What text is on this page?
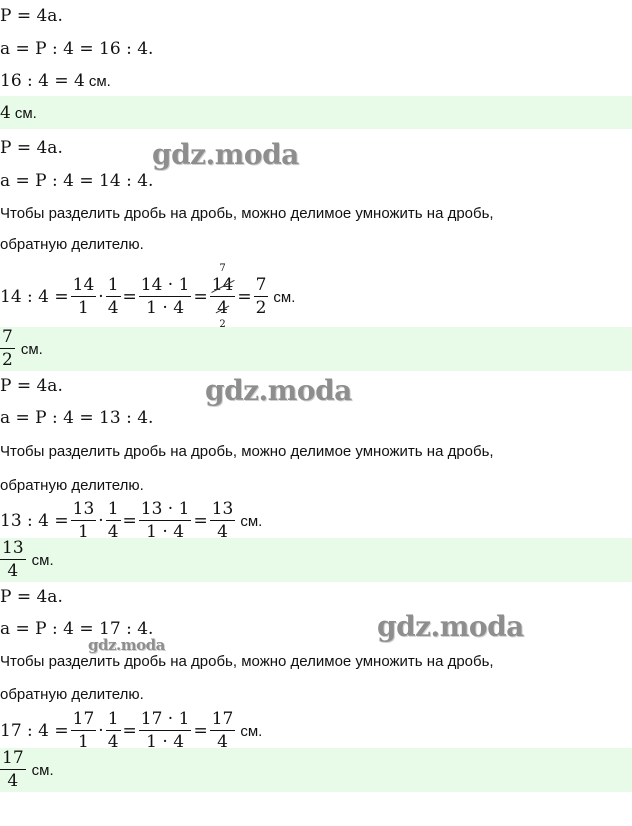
P = 4a.
a = P : 4 = 16 : 4.
16 : 4 = 4 см.
4 см.
P = 4a.
a = P : 4 = 14 : 4.
Чтобы разделить дробь на дробь, можно делимое умножить на дробь,
обратную делителю.
14 : $4 = \frac{14}{1} \cdot \frac{1}{4} = \frac{14 \cdot 1}{1 \cdot 4} = 7$
14
4
$2 = \frac{7}{2}$ см.
$\frac{7}{2}$ см.
P = 4a.
a = P : 4 = 13 : 4.
Чтобы разделить дробь на дробь, можно делимое умножить на дробь,
обратную делителю.
13 : $4 = \frac{13}{1} \cdot \frac{1}{4} = \frac{13 \cdot 1}{1 \cdot 4} = \frac{13}{4}$ см.
$\frac{13}{4}$ см.
P = 4a.
a = P : 4 = 17 : 4.
Чтобы разделить дробь на дробь, можно делимое умножить на дробь,
обратную делителю.
17 : $4 = \frac{17}{1} \cdot \frac{1}{4} = \frac{17 \cdot 1}{1 \cdot 4} = \frac{17}{4}$ см.
$\frac{17}{4}$ см.
gdz.moda
gdz.moda
gdz.moda
gdz.moda
